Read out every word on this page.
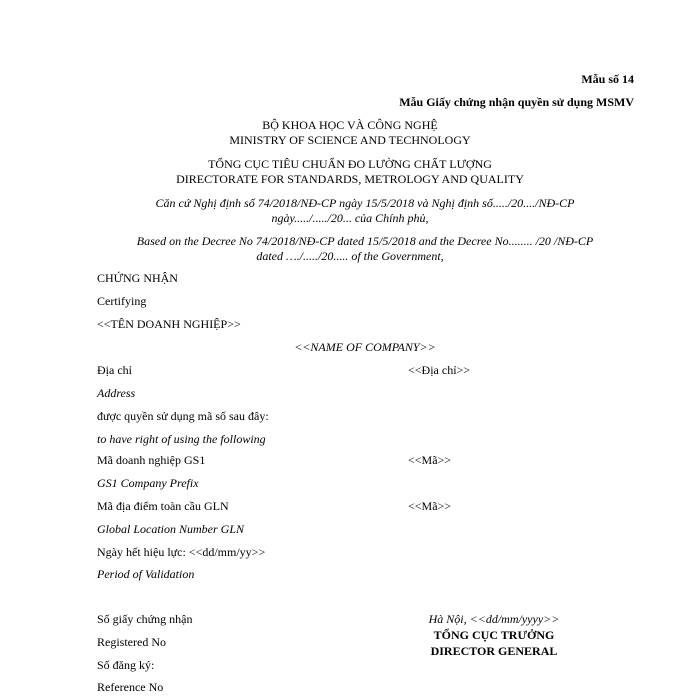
Mẫu số 14
Mẫu Giấy chứng nhận quyền sử dụng MSMV
BỘ KHOA HỌC VÀ CÔNG NGHỆ
MINISTRY OF SCIENCE AND TECHNOLOGY
TỔNG CỤC TIÊU CHUẨN ĐO LƯỜNG CHẤT LƯỢNG
DIRECTORATE FOR STANDARDS, METROLOGY AND QUALITY
Căn cứ Nghị định số 74/2018/NĐ-CP ngày 15/5/2018 và Nghị định số...../20..../NĐ-CP
ngày...../...../20... của Chính phủ,
Based on the Decree No 74/2018/NĐ-CP dated 15/5/2018 and the Decree No........ /20 /NĐ-CP
dated …./...../20..... of the Government,
CHỨNG NHẬN
Certifying
<<TÊN DOANH NGHIỆP>>
<<NAME OF COMPANY>>
Địa chỉ	<<Địa chỉ>>
Address
được quyền sử dụng mã số sau đây:
to have right of using the following
Mã doanh nghiệp GS1	<<Mã>>
GS1 Company Prefix
Mã địa điểm toàn cầu GLN	<<Mã>>
Global Location Number GLN
Ngày hết hiệu lực: <<dd/mm/yy>>
Period of Validation
Số giấy chứng nhận
Registered No
Số đăng ký:
Reference No
Hà Nội, <<dd/mm/yyyy>>
TỔNG CỤC TRƯỞNG
DIRECTOR GENERAL
